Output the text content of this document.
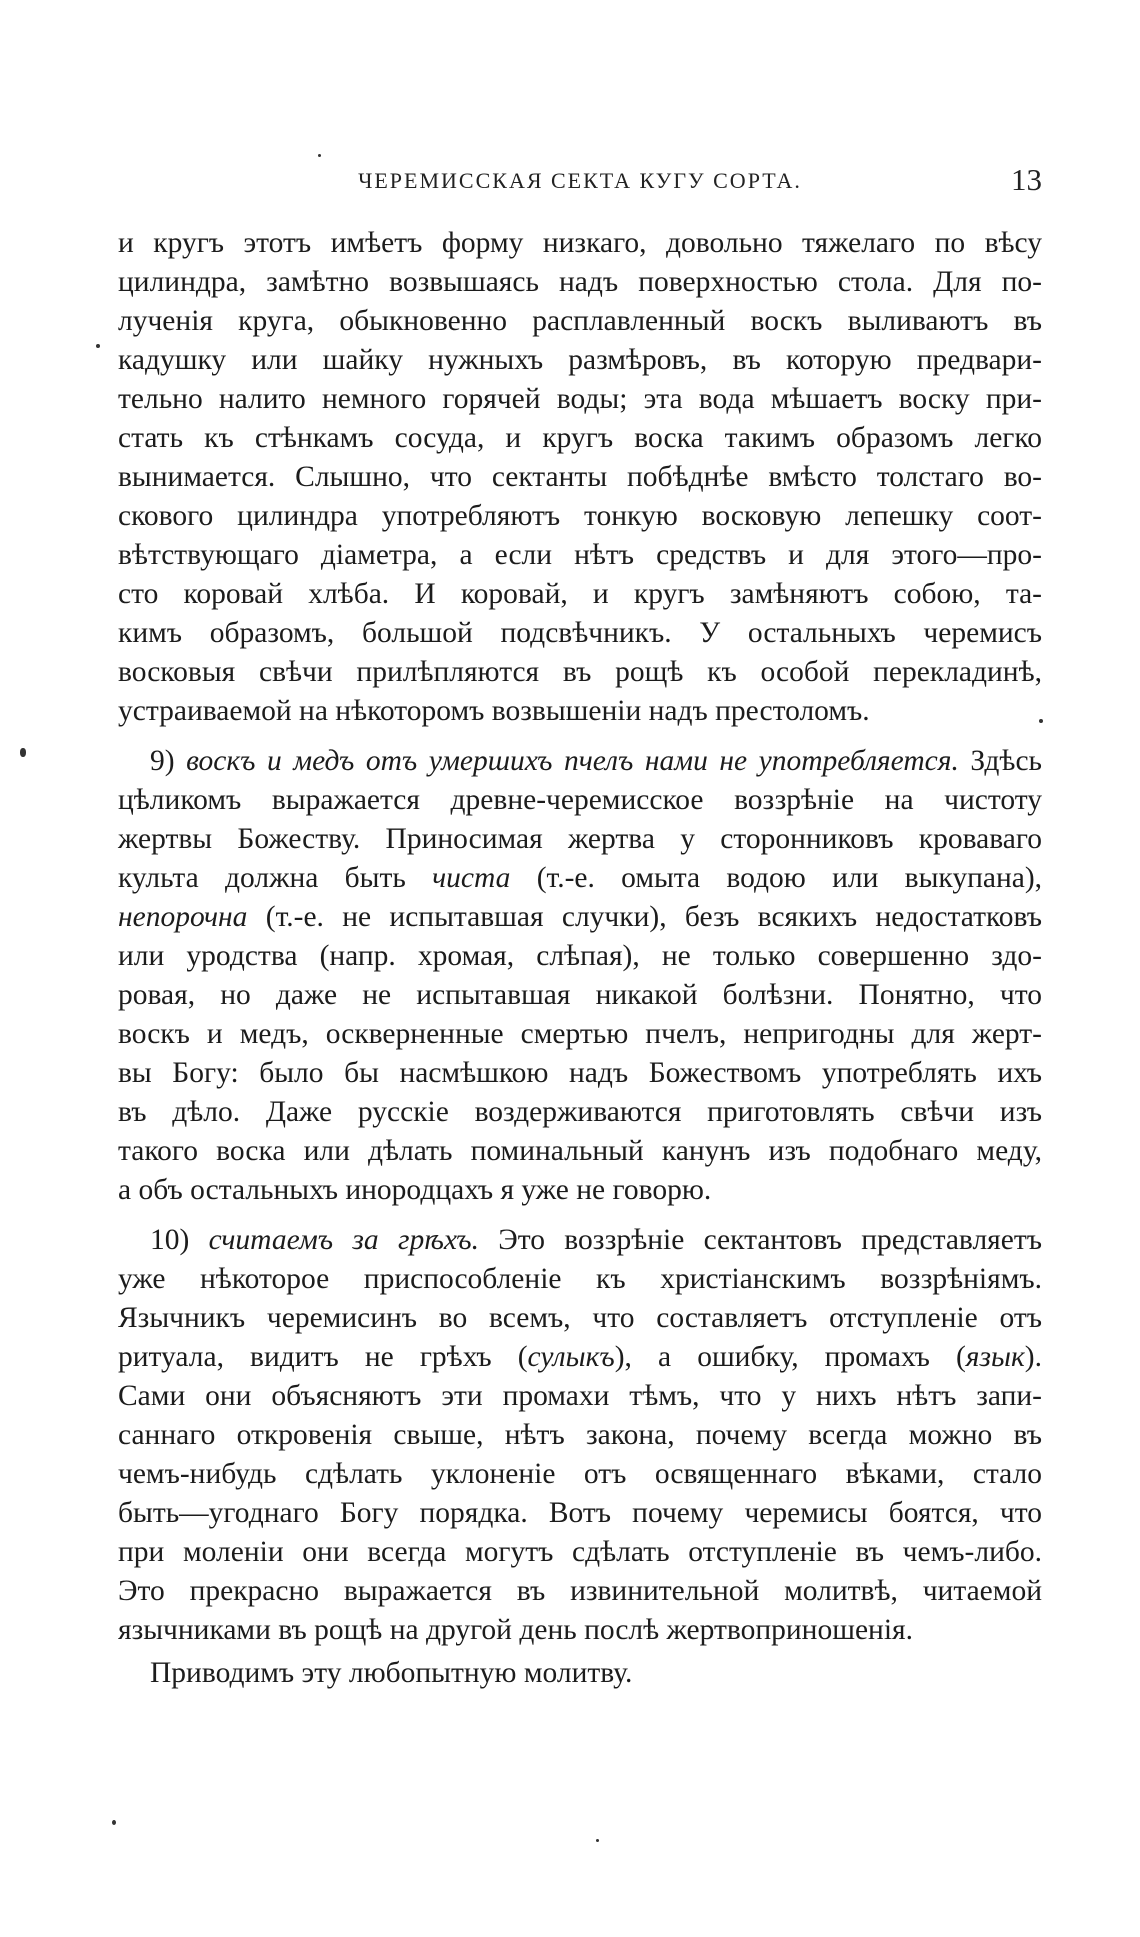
ЧЕРЕМИССКАЯ СЕКТА КУГУ СОРТА.	13
и кругъ этотъ имѣетъ форму низкаго, довольно тяжелаго по вѣсу
цилиндра, замѣтно возвышаясь надъ поверхностью стола. Для по-
лученія круга, обыкновенно расплавленный воскъ выливаютъ въ
кадушку или шайку нужныхъ размѣровъ, въ которую предвари-
тельно налито немного горячей воды; эта вода мѣшаетъ воску при-
стать къ стѣнкамъ сосуда, и кругъ воска такимъ образомъ легко
вынимается. Слышно, что сектанты побѣднѣе вмѣсто толстаго во-
скового цилиндра употребляютъ тонкую восковую лепешку соот-
вѣтствующаго діаметра, а если нѣтъ средствъ и для этого—про-
сто коровай хлѣба. И коровай, и кругъ замѣняютъ собою, та-
кимъ образомъ, большой подсвѣчникъ. У остальныхъ черемисъ
восковыя свѣчи прилѣпляются въ рощѣ къ особой перекладинѣ,
устраиваемой на нѣкоторомъ возвышеніи надъ престоломъ.
9) воскъ и медъ отъ умершихъ пчелъ нами не употребляется. Здѣсь
цѣликомъ выражается древне-черемисское воззрѣніе на чистоту
жертвы Божеству. Приносимая жертва у сторонниковъ кроваваго
культа должна быть чиста (т.-е. омыта водою или выкупана),
непорочна (т.-е. не испытавшая случки), безъ всякихъ недостатковъ
или уродства (напр. хромая, слѣпая), не только совершенно здо-
ровая, но даже не испытавшая никакой болѣзни. Понятно, что
воскъ и медъ, оскверненные смертью пчелъ, непригодны для жерт-
вы Богу: было бы насмѣшкою надъ Божествомъ употреблять ихъ
въ дѣло. Даже русскіе воздерживаются приготовлять свѣчи изъ
такого воска или дѣлать поминальный канунъ изъ подобнаго меду,
а объ остальныхъ инородцахъ я уже не говорю.
10) считаемъ за грѣхъ. Это воззрѣніе сектантовъ представляетъ
уже нѣкоторое приспособленіе къ христіанскимъ воззрѣніямъ.
Язычникъ черемисинъ во всемъ, что составляетъ отступленіе отъ
ритуала, видитъ не грѣхъ (сулыкъ), а ошибку, промахъ (язык).
Сами они объясняютъ эти промахи тѣмъ, что у нихъ нѣтъ запи-
саннаго откровенія свыше, нѣтъ закона, почему всегда можно въ
чемъ-нибудь сдѣлать уклоненіе отъ освященнаго вѣками, стало
быть—угоднаго Богу порядка. Вотъ почему черемисы боятся, что
при моленіи они всегда могутъ сдѣлать отступленіе въ чемъ-либо.
Это прекрасно выражается въ извинительной молитвѣ, читаемой
язычниками въ рощѣ на другой день послѣ жертвоприношенія.
Приводимъ эту любопытную молитву.
